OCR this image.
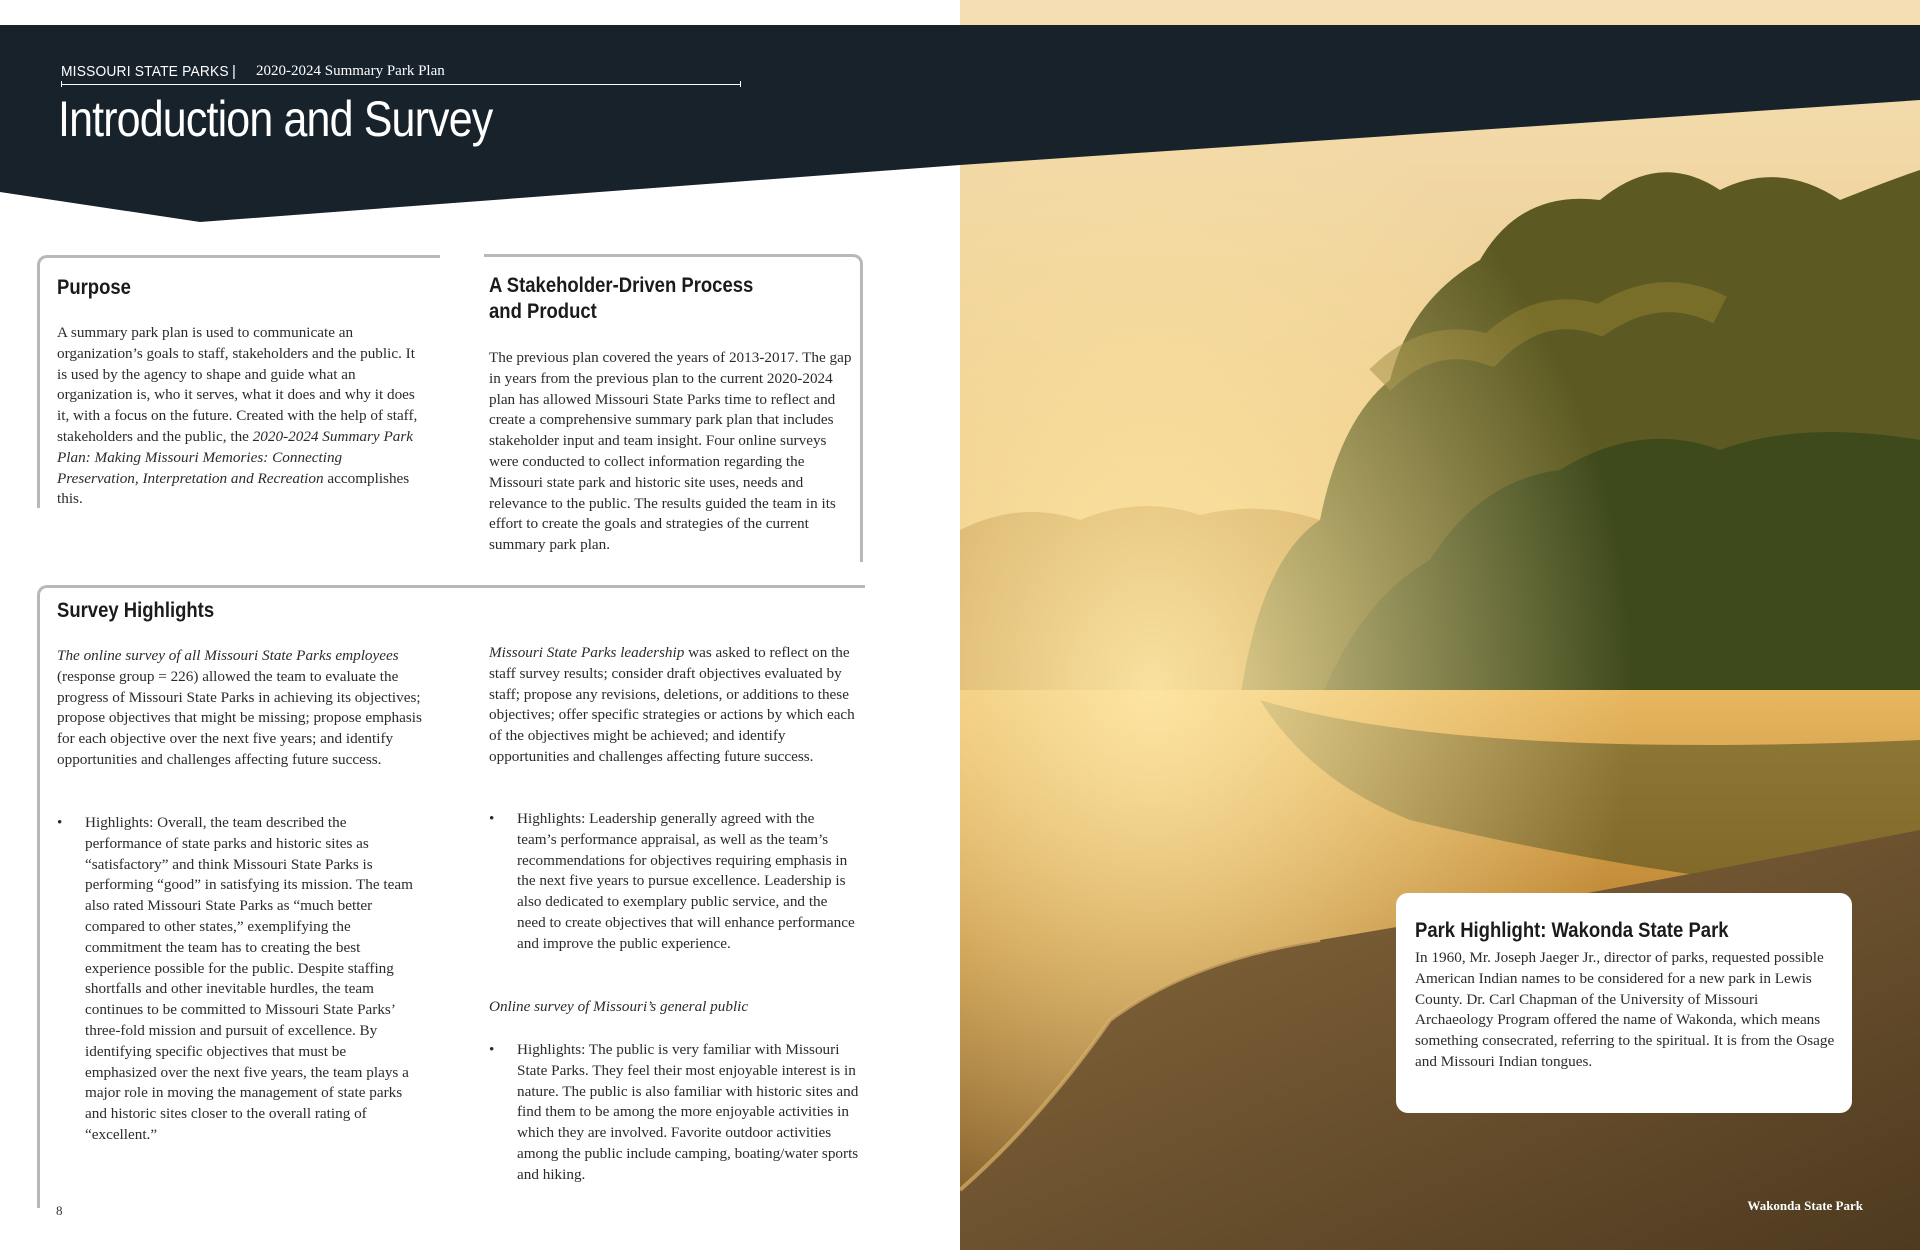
MISSOURI STATE PARKS | 2020-2024 Summary Park Plan
Introduction and Survey
Wakonda State Park
Purpose

A summary park plan is used to communicate an organization’s goals to staff, stakeholders and the public. It is used by the agency to shape and guide what an organization is, who it serves, what it does and why it does it, with a focus on the future. Created with the help of staff, stakeholders and the public, the 2020-2024 Summary Park Plan: Making Missouri Memories: Connecting Preservation, Interpretation and Recreation accomplishes this.

A Stakeholder-Driven Process and Product

The previous plan covered the years of 2013-2017. The gap in years from the previous plan to the current 2020-2024 plan has allowed Missouri State Parks time to reflect and create a comprehensive summary park plan that includes stakeholder input and team insight. Four online surveys were conducted to collect information regarding the Missouri state park and historic site uses, needs and relevance to the public. The results guided the team in its effort to create the goals and strategies of the current summary park plan.

Survey Highlights

The online survey of all Missouri State Parks employees (response group = 226) allowed the team to evaluate the progress of Missouri State Parks in achieving its objectives; propose objectives that might be missing; propose emphasis for each objective over the next five years; and identify opportunities and challenges affecting future success.

• Highlights: Overall, the team described the performance of state parks and historic sites as “satisfactory” and think Missouri State Parks is performing “good” in satisfying its mission. The team also rated Missouri State Parks as “much better compared to other states,” exemplifying the commitment the team has to creating the best experience possible for the public. Despite staffing shortfalls and other inevitable hurdles, the team continues to be committed to Missouri State Parks’ three-fold mission and pursuit of excellence. By identifying specific objectives that must be emphasized over the next five years, the team plays a major role in moving the management of state parks and historic sites closer to the overall rating of “excellent.”

Missouri State Parks leadership was asked to reflect on the staff survey results; consider draft objectives evaluated by staff; propose any revisions, deletions, or additions to these objectives; offer specific strategies or actions by which each of the objectives might be achieved; and identify opportunities and challenges affecting future success.

• Highlights: Leadership generally agreed with the team’s performance appraisal, as well as the team’s recommendations for objectives requiring emphasis in the next five years to pursue excellence. Leadership is also dedicated to exemplary public service, and the need to create objectives that will enhance performance and improve the public experience.

Online survey of Missouri’s general public
• Highlights: The public is very familiar with Missouri State Parks. They feel their most enjoyable interest is in nature. The public is also familiar with historic sites and find them to be among the more enjoyable activities in which they are involved. Favorite outdoor activities among the public include camping, boating/water sports and hiking.

8
Park Highlight: Wakonda State Park

In 1960, Mr. Joseph Jaeger Jr., director of parks, requested possible American Indian names to be considered for a new park in Lewis County. Dr. Carl Chapman of the University of Missouri Archaeology Program offered the name of Wakonda, which means something consecrated, referring to the spiritual. It is from the Osage and Missouri Indian tongues.
